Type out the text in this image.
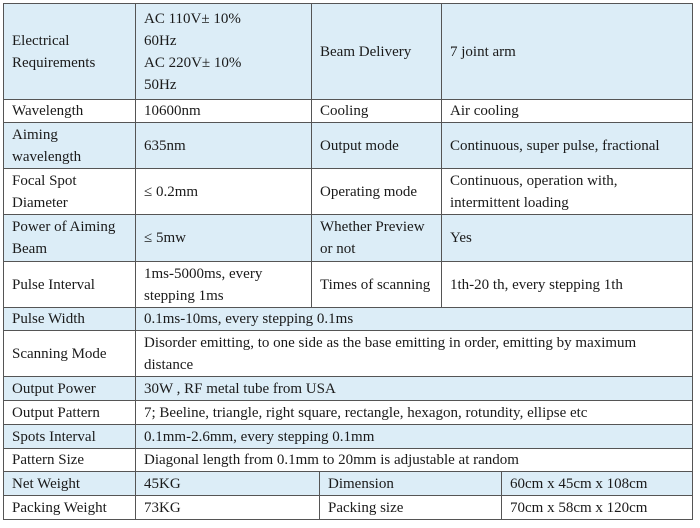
Electrical Requirements	AC 110V± 10%
60Hz
AC 220V± 10%
50Hz	Beam Delivery		7 joint arm	
Wavelength	10600nm	Cooling		Air cooling	
Aiming wavelength	635nm	Output mode		Continuous, super pulse, fractional	
Focal Spot Diameter	≤ 0.2mm	Operating mode		Continuous, operation with, intermittent loading	
Power of Aiming Beam	≤ 5mw	Whether Preview or not		Yes	
Pulse Interval	1ms-5000ms, every stepping 1ms	Times of scanning		1th-20 th, every stepping 1th	
Pulse Width	0.1ms-10ms, every stepping 0.1ms				
Scanning Mode	Disorder emitting, to one side as the base emitting in order, emitting by maximum distance				
Output Power	30W , RF metal tube from USA				
Output Pattern	7; Beeline, triangle, right square, rectangle, hexagon, rotundity, ellipse etc				
Spots Interval	0.1mm-2.6mm, every stepping 0.1mm				
Pattern Size	Diagonal length from 0.1mm to 20mm is adjustable at random				
Net Weight	45KG		Dimension		60cm x 45cm x 108cm
Packing Weight	73KG		Packing size		70cm x 58cm x 120cm
